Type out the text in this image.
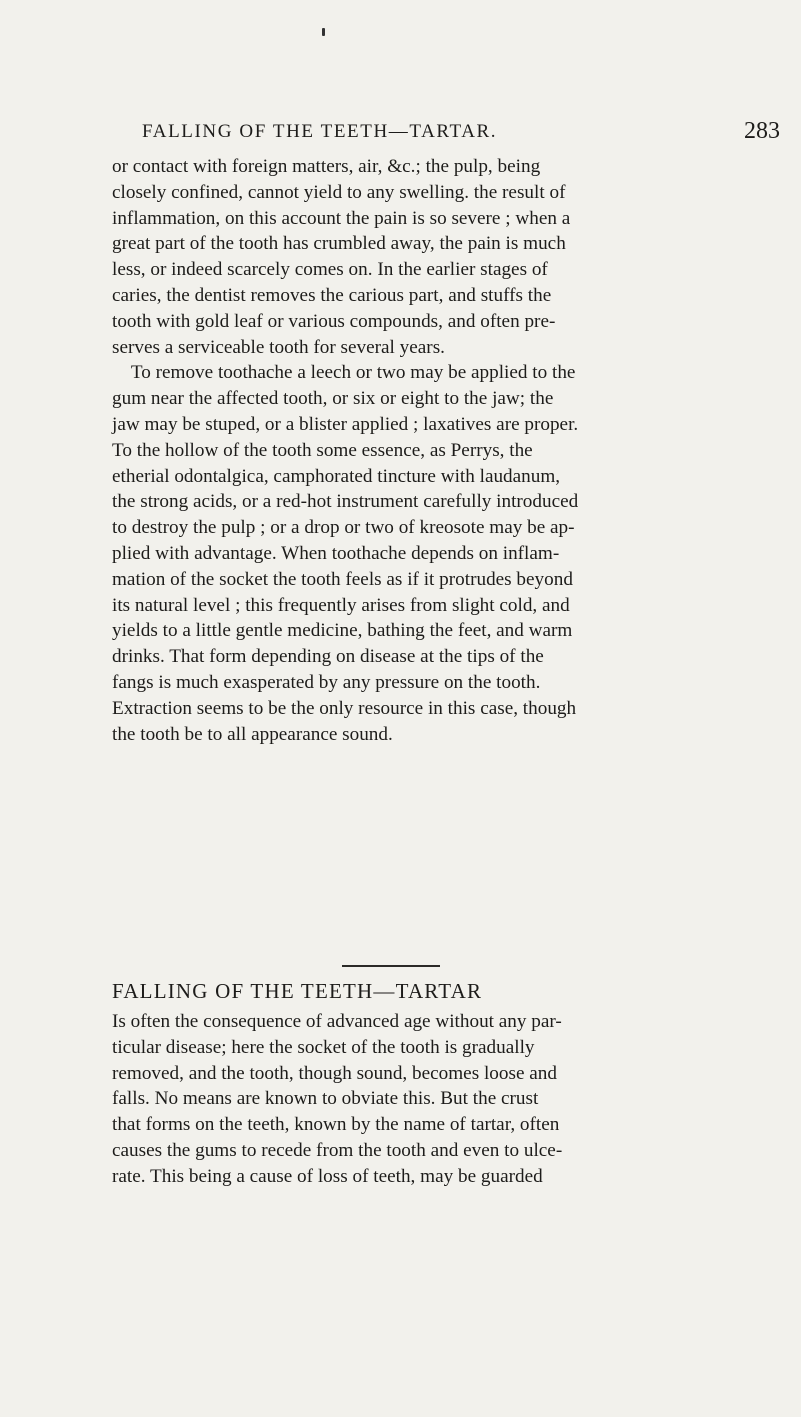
FALLING OF THE TEETH—TARTAR.	283
or contact with foreign matters, air, &c.; the pulp, being
closely confined, cannot yield to any swelling. the result of
inflammation, on this account the pain is so severe ; when a
great part of the tooth has crumbled away, the pain is much
less, or indeed scarcely comes on. In the earlier stages of
caries, the dentist removes the carious part, and stuffs the
tooth with gold leaf or various compounds, and often pre-
serves a serviceable tooth for several years.
To remove toothache a leech or two may be applied to the
gum near the affected tooth, or six or eight to the jaw; the
jaw may be stuped, or a blister applied ; laxatives are proper.
To the hollow of the tooth some essence, as Perrys, the
etherial odontalgica, camphorated tincture with laudanum,
the strong acids, or a red-hot instrument carefully introduced
to destroy the pulp ; or a drop or two of kreosote may be ap-
plied with advantage. When toothache depends on inflam-
mation of the socket the tooth feels as if it protrudes beyond
its natural level ; this frequently arises from slight cold, and
yields to a little gentle medicine, bathing the feet, and warm
drinks. That form depending on disease at the tips of the
fangs is much exasperated by any pressure on the tooth.
Extraction seems to be the only resource in this case, though
the tooth be to all appearance sound.
FALLING OF THE TEETH—TARTAR
Is often the consequence of advanced age without any par-
ticular disease; here the socket of the tooth is gradually
removed, and the tooth, though sound, becomes loose and
falls. No means are known to obviate this. But the crust
that forms on the teeth, known by the name of tartar, often
causes the gums to recede from the tooth and even to ulce-
rate. This being a cause of loss of teeth, may be guarded
